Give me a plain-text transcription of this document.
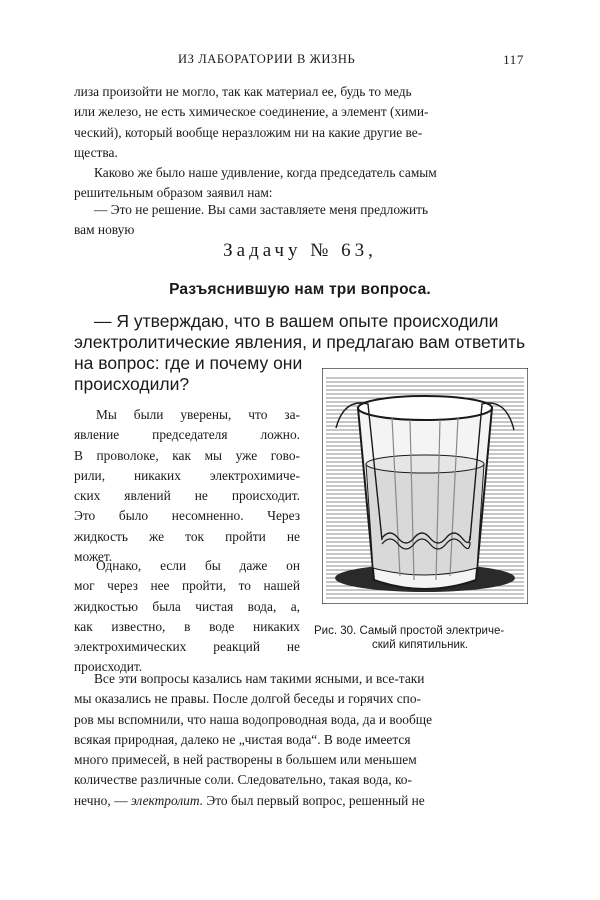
ИЗ ЛАБОРАТОРИИ В ЖИЗНЬ	117

лиза произойти не могло, так как материал ее, будь то медь
или железо, не есть химическое соединение, а элемент (хими-
ческий), который вообще неразложим ни на какие другие ве-
щества.

Каково же было наше удивление, когда председатель самым
решительным образом заявил нам:

— Это не решение. Вы сами заставляете меня предложить
вам новую

Задачу № 63,
Разъяснившую нам три вопроса.

— Я утверждаю, что в вашем опыте происходили
электролитические явления, и предлагаю вам ответить
на вопрос: где и почему они
происходили?

Мы были уверены, что за-
явление председателя ложно.
В проволоке, как мы уже гово-
рили, никаких электрохимиче-
ских явлений не происходит.
Это было несомненно. Через
жидкость же ток пройти не
может.

Однако, если бы даже он
мог через нее пройти, то нашей
жидкостью была чистая вода, а,
как известно, в воде никаких
электрохимических реакций не
происходит.

Рис. 30. Самый простой электриче-
ский кипятильник.

Все эти вопросы казались нам такими ясными, и все-таки
мы оказались не правы. После долгой беседы и горячих спо-
ров мы вспомнили, что наша водопроводная вода, да и вообще
всякая природная, далеко не „чистая вода“. В воде имеется
много примесей, в ней растворены в большем или меньшем
количестве различные соли. Следовательно, такая вода, ко-
нечно, — электролит. Это был первый вопрос, решенный не
